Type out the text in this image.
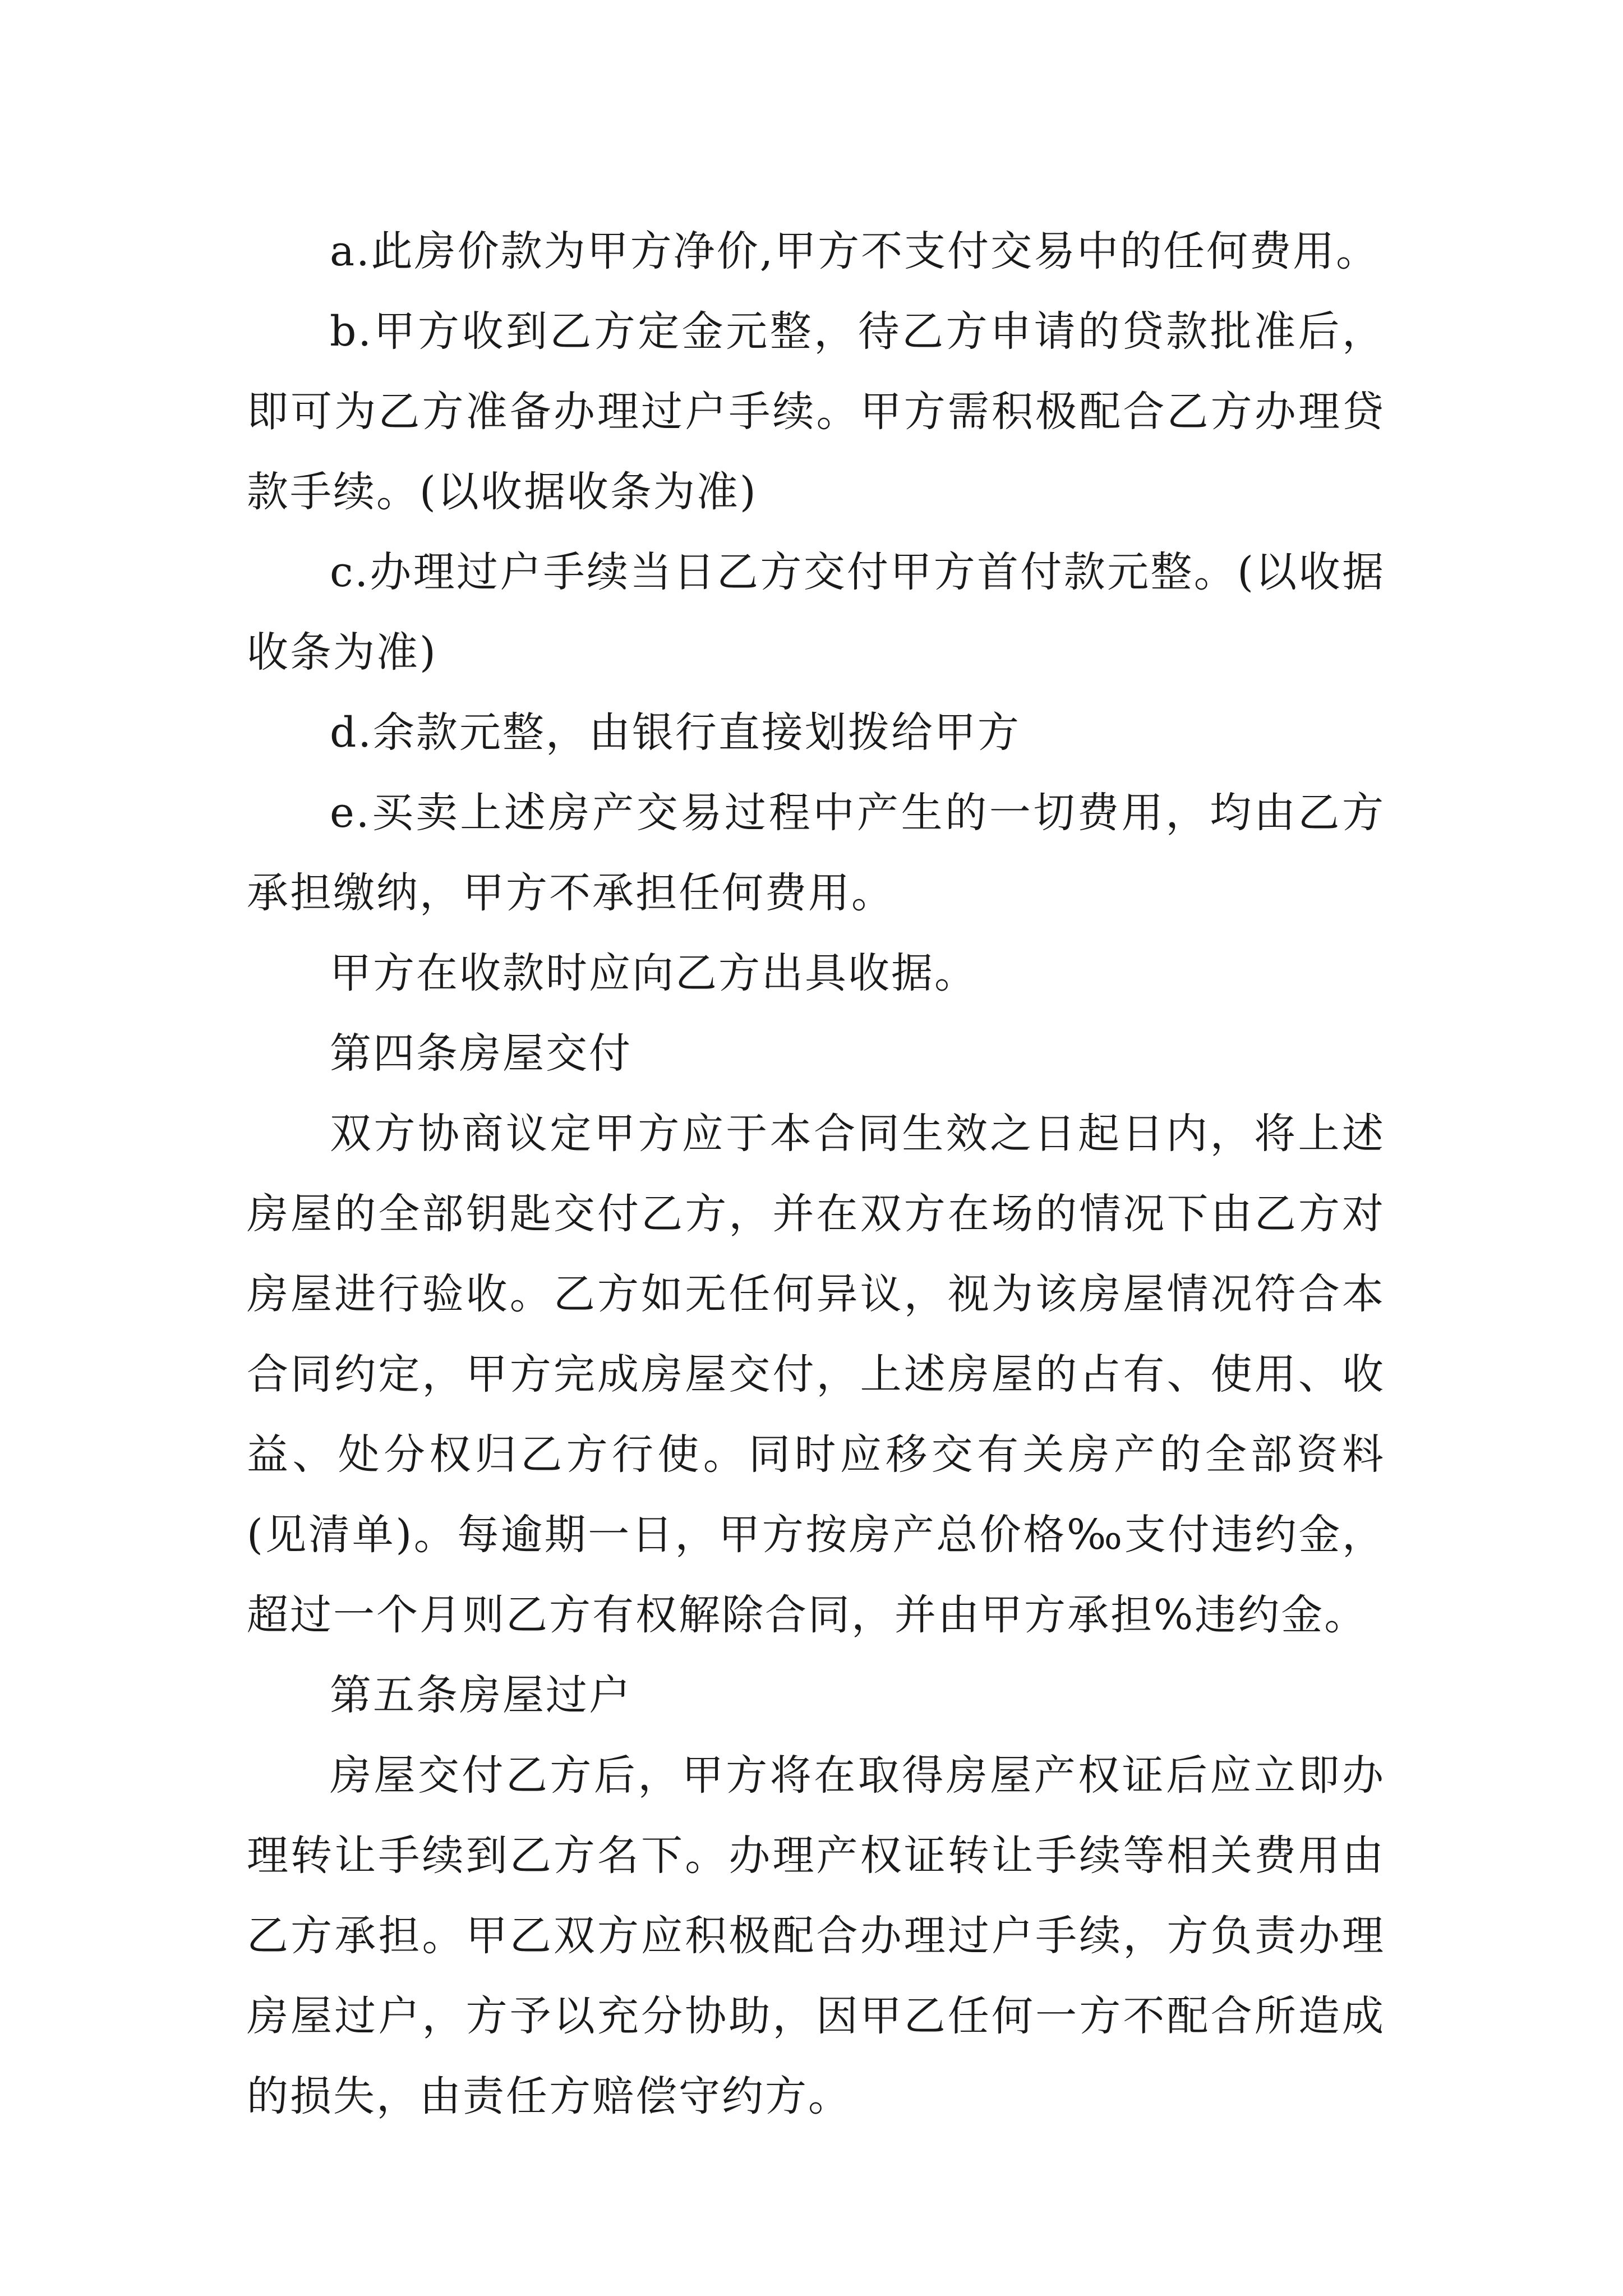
a.此房价款为甲方净价,甲方不支付交易中的任何费用。

b.甲方收到乙方定金元整，待乙方申请的贷款批准后，即可为乙方准备办理过户手续。甲方需积极配合乙方办理贷款手续。(以收据收条为准)

c.办理过户手续当日乙方交付甲方首付款元整。(以收据收条为准)

d.余款元整，由银行直接划拨给甲方

e.买卖上述房产交易过程中产生的一切费用，均由乙方承担缴纳，甲方不承担任何费用。

甲方在收款时应向乙方出具收据。

第四条房屋交付

双方协商议定甲方应于本合同生效之日起日内，将上述房屋的全部钥匙交付乙方，并在双方在场的情况下由乙方对房屋进行验收。乙方如无任何异议，视为该房屋情况符合本合同约定，甲方完成房屋交付，上述房屋的占有、使用、收益、处分权归乙方行使。同时应移交有关房产的全部资料(见清单)。每逾期一日，甲方按房产总价格‰支付违约金，超过一个月则乙方有权解除合同，并由甲方承担%违约金。

第五条房屋过户

房屋交付乙方后，甲方将在取得房屋产权证后应立即办理转让手续到乙方名下。办理产权证转让手续等相关费用由乙方承担。甲乙双方应积极配合办理过户手续，方负责办理房屋过户，方予以充分协助，因甲乙任何一方不配合所造成的损失，由责任方赔偿守约方。
